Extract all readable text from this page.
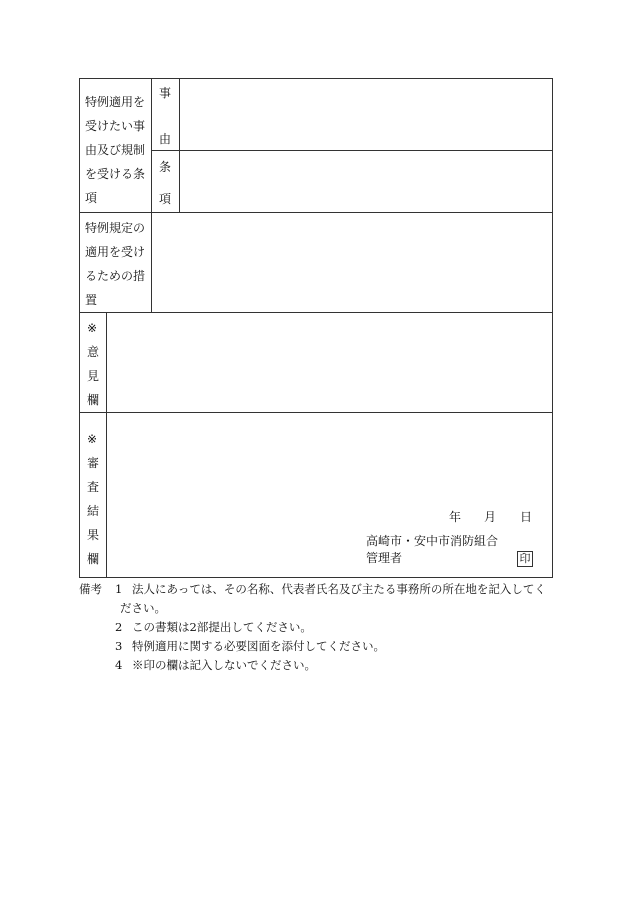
特例適用を
受けたい事
由及び規制
を受ける条
項
事
由
条
項
特例規定の
適用を受け
るための措
置
※
意
見
欄
※
審
査
結
果
欄
年 月 日
高崎市・安中市消防組合
管理者	印
備考 1 法人にあっては、その名称、代表者氏名及び主たる事務所の所在地を記入してく
ださい。
2 この書類は2部提出してください。
3 特例適用に関する必要図面を添付してください。
4 ※印の欄は記入しないでください。
